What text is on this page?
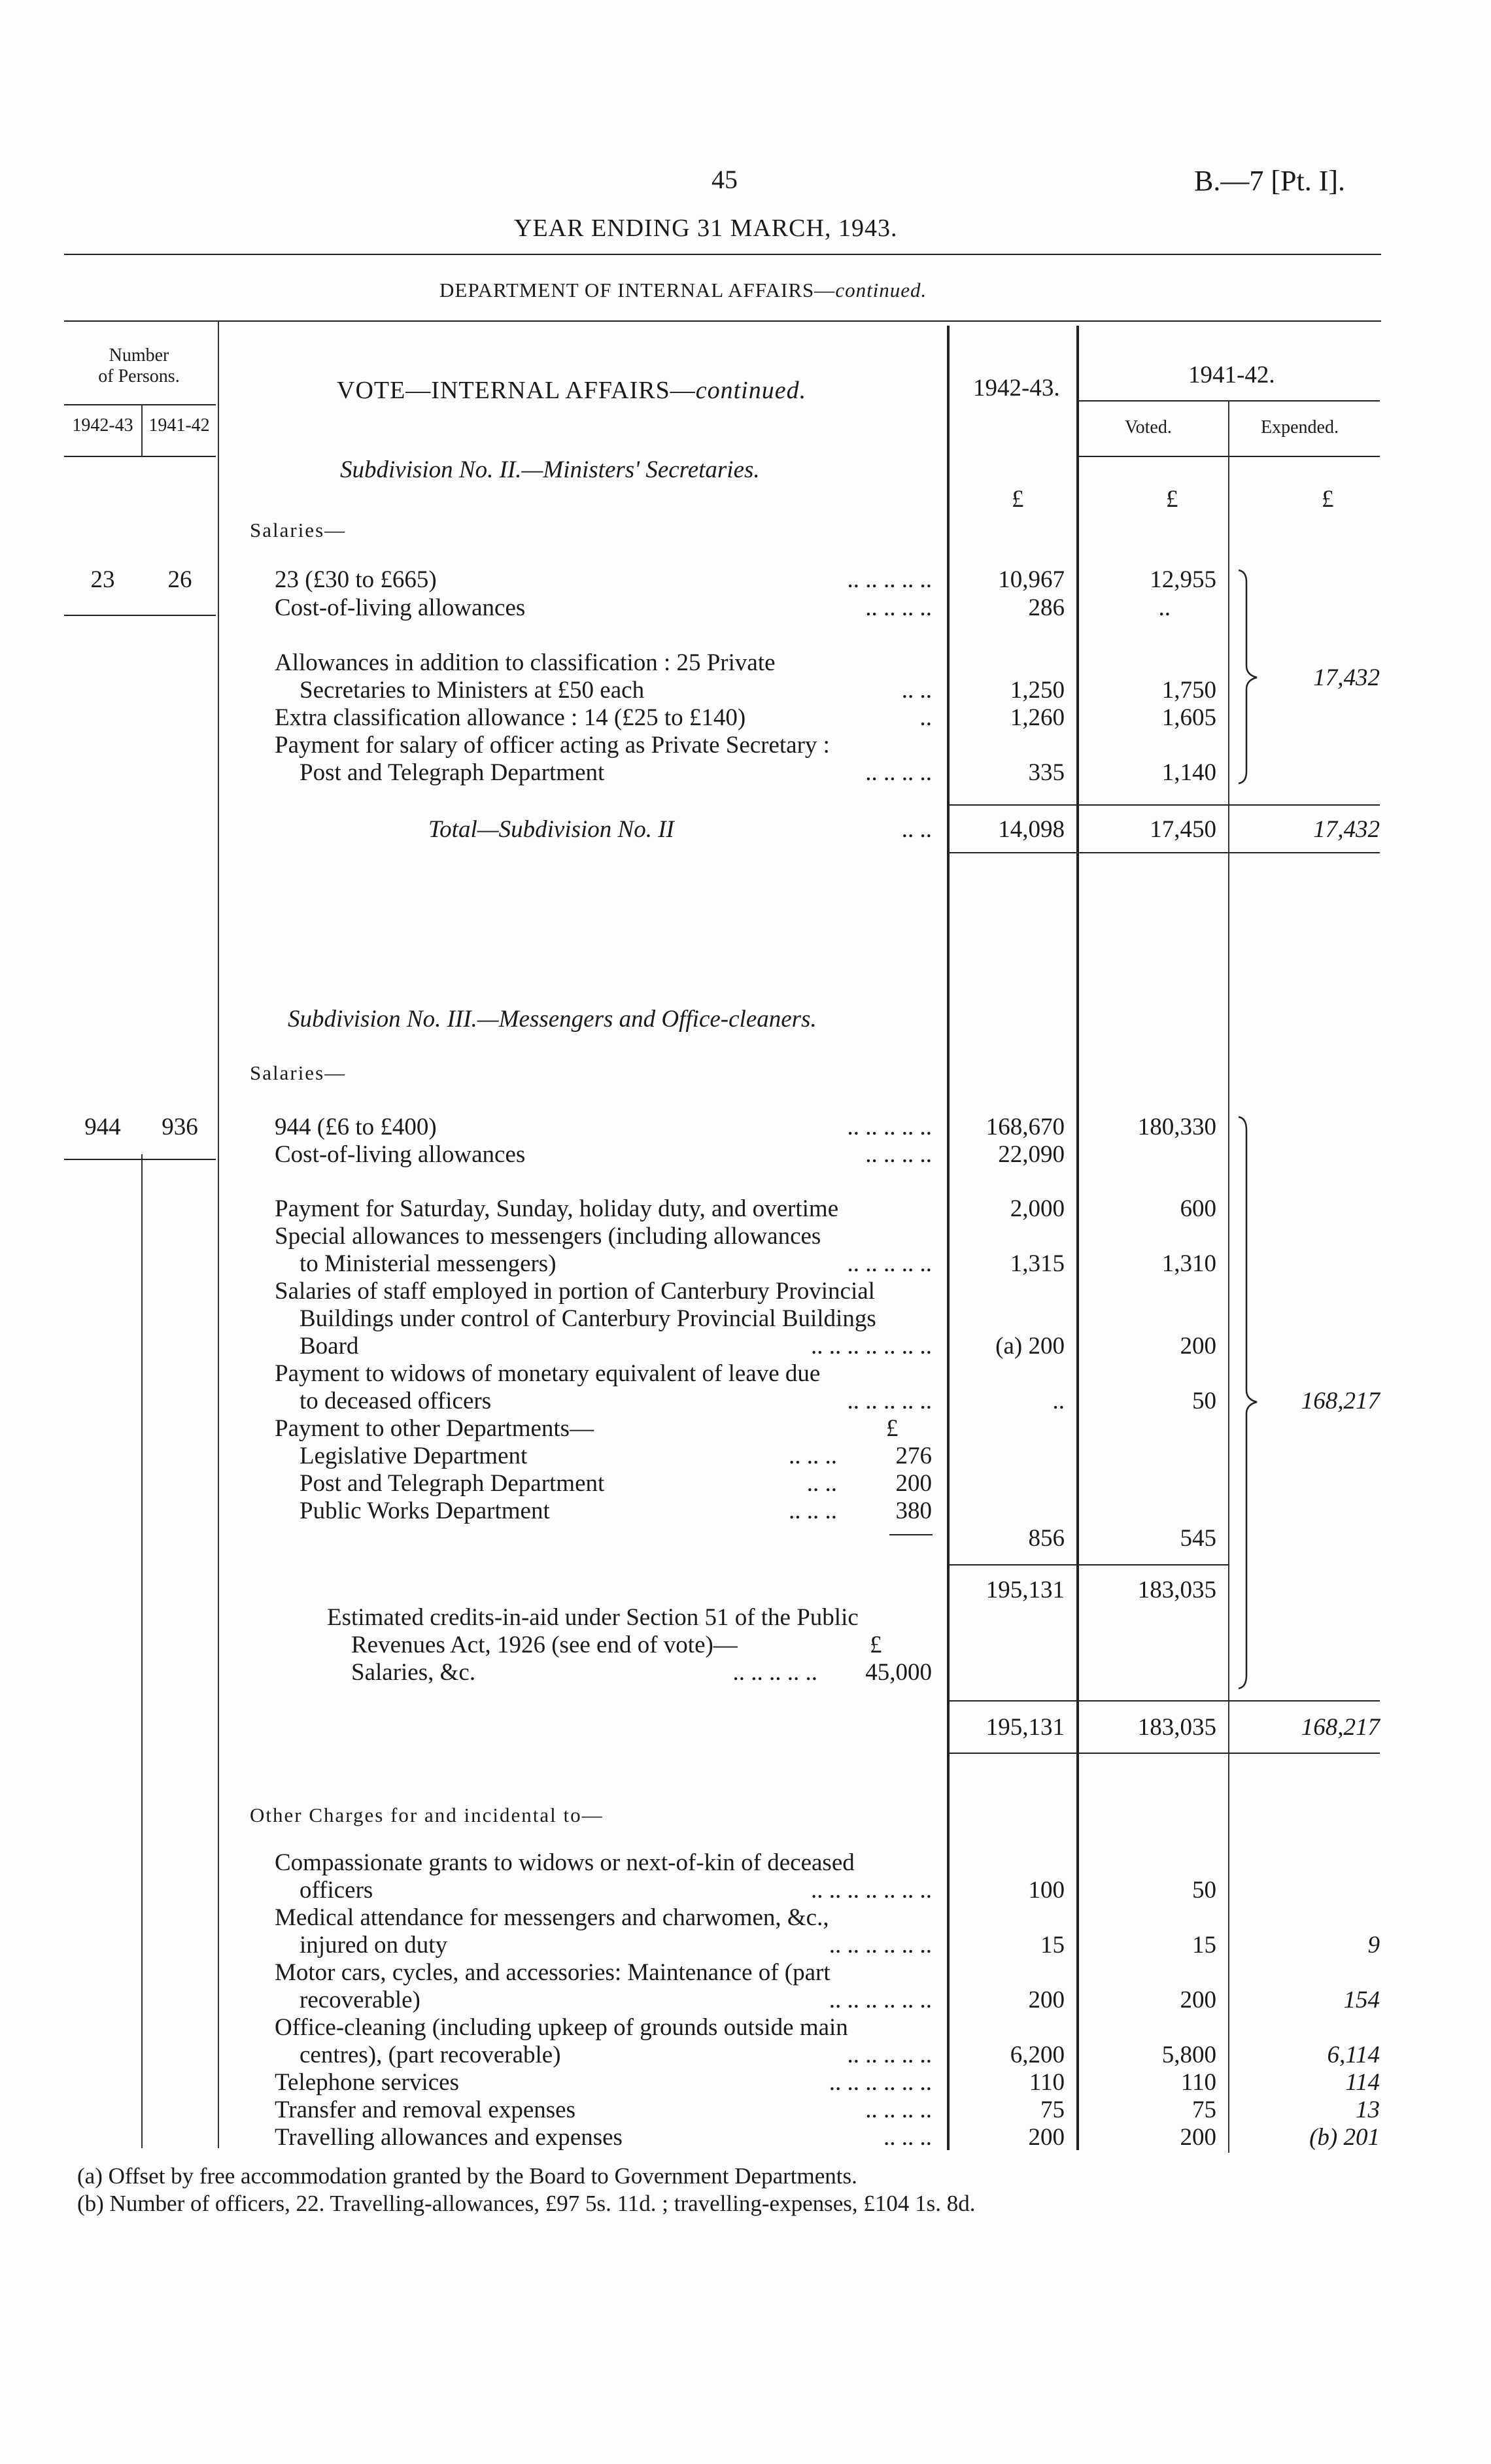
45	B.—7 [Pt. I].
YEAR ENDING 31 MARCH, 1943.
DEPARTMENT OF INTERNAL AFFAIRS—continued.
Number
of Persons.
1942-43 1941-42
VOTE—INTERNAL AFFAIRS—continued.	1942-43.	1941-42.
Voted.	Expended.
Subdivision No. II.—Ministers' Secretaries.
£	£	£
Salaries—
23	26	23 (£30 to £665)	.. .. .. .. ..	10,967	12,955
Cost-of-living allowances	.. .. .. ..	286	..
Allowances in addition to classification : 25 Private
Secretaries to Ministers at £50 each	.. ..	1,250	1,750
Extra classification allowance : 14 (£25 to £140)	..	1,260	1,605
Payment for salary of officer acting as Private Secretary :
Post and Telegraph Department	.. .. .. ..	335	1,140
17,432
Total—Subdivision No. II	.. ..	14,098	17,450	17,432
Subdivision No. III.—Messengers and Office-cleaners.
Salaries—
944	936	944 (£6 to £400)	.. .. .. .. ..	168,670	180,330
Cost-of-living allowances	.. .. .. ..	22,090
Payment for Saturday, Sunday, holiday duty, and overtime	2,000	600
Special allowances to messengers (including allowances
to Ministerial messengers)	.. .. .. .. ..	1,315	1,310
Salaries of staff employed in portion of Canterbury Provincial
Buildings under control of Canterbury Provincial Buildings
Board	.. .. .. .. .. .. ..	(a) 200	200
Payment to widows of monetary equivalent of leave due
to deceased officers	.. .. .. .. ..	..	50
Payment to other Departments—	£
Legislative Department	.. .. ..	276
Post and Telegraph Department	.. ..	200
Public Works Department	.. .. ..	380
856	545
195,131	183,035
Estimated credits-in-aid under Section 51 of the Public
Revenues Act, 1926 (see end of vote)—	£
Salaries, &c.	.. .. .. .. ..	45,000
168,217
195,131	183,035	168,217
Other Charges for and incidental to—
Compassionate grants to widows or next-of-kin of deceased
officers	.. .. .. .. .. .. ..	100	50
Medical attendance for messengers and charwomen, &c.,
injured on duty	.. .. .. .. .. ..	15	15	9
Motor cars, cycles, and accessories: Maintenance of (part
recoverable)	.. .. .. .. .. ..	200	200	154
Office-cleaning (including upkeep of grounds outside main
centres), (part recoverable)	.. .. .. .. ..	6,200	5,800	6,114
Telephone services	.. .. .. .. .. ..	110	110	114
Transfer and removal expenses	.. .. .. ..	75	75	13
Travelling allowances and expenses	.. .. ..	200	200	(b) 201
(a) Offset by free accommodation granted by the Board to Government Departments.
(b) Number of officers, 22. Travelling-allowances, £97 5s. 11d. ; travelling-expenses, £104 1s. 8d.
